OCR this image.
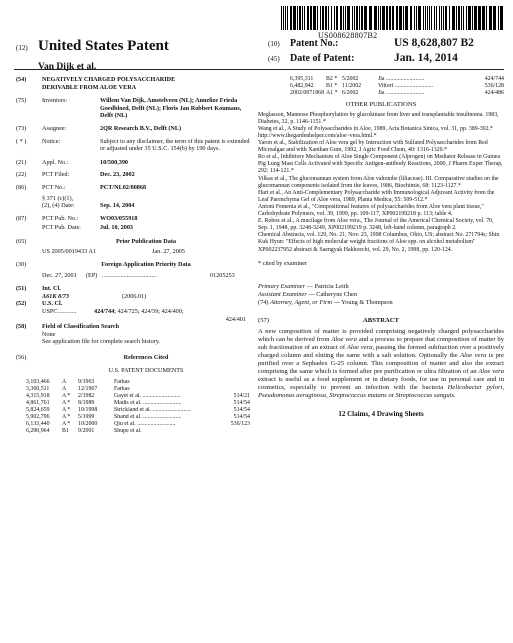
US008628807B2
(12) United States Patent
Van Dijk et al.
(10) Patent No.:	US 8,628,807 B2
(45) Date of Patent:	Jan. 14, 2014
(54)	NEGATIVELY CHARGED POLYSACCHARIDE DERIVABLE FROM ALOE VERA
(75)	Inventors:	Willem Van Dijk, Amstelveen (NL); Annelize Frieda Goedbloed, Delft (NL); Floris Jan Robbert Koumans, Delft (NL)
(73)	Assignee:	2QR Research B.V., Delft (NL)
( * )	Notice:	Subject to any disclaimer, the term of this patent is extended or adjusted under 35 U.S.C. 154(b) by 190 days.
(21)	Appl. No.:	10/500,390
(22)	PCT Filed:	Dec. 23, 2002
(86)	PCT No.:	PCT/NL02/00868
§ 371 (c)(1),
(2), (4) Date:	Sep. 14, 2004
(87)	PCT Pub. No.:	WO03/055918
PCT Pub. Date:	Jul. 10, 2003
(65)	Prior Publication Data
US 2005/0019433 A1	Jan. 27, 2005
(30)	Foreign Application Priority Data
Dec. 27, 2001	(EP) ...................................	01205253
(51)	Int. Cl.
A61K 8/73	(2006.01)
(52)	U.S. Cl.
USPC ............	424/744 ; 424/725; 424/59; 424/400;
424/401
(58)	Field of Classification Search
None
See application file for complete search history.
(56)	References Cited
U.S. PATENT DOCUMENTS
3,103,466	A	9/1963	Farkas
3,360,511	A	12/1967	Farkas
4,315,918	A *	2/1982	Gayet et al. ..........................	514/21
4,861,761	A *	8/1989	Madis et al. ..........................	514/54
5,824,659	A *	10/1998	Strickland et al. ..........................	514/54
5,902,796	A *	5/1999	Shand et al. ..........................	514/54
6,133,440	A *	10/2000	Qiu et al. ..........................	536/123
6,290,964	B1	9/2001	Shupe et al.
6,395,311	B2 * 5/2002	Jia ..........................	424/744
6,482,942	B1 * 11/2002	Vittori ..........................	536/128
2002/0071868 A1 * 6/2002	Jia ..........................	424/486
OTHER PUBLICATIONS

Meglasson, Mannose Phosphorylation by glucokinase from liver and transplantable insulinoma. 1983, Diabetes, 32, p. 1146-1151.*

Wang et al., A Study of Polysaccharides in Aloe, 1989, Acta Botanica Sinica, vol. 31, pp. 389-392.*

http://www.thegardenhelper.com/aloe~vera.html.*

Yaron et al., Stabilization of Aloe vera gel by Interaction with Sulfated Polysaccharides from Red Microalgae and with Xanthan Gum, 1992, J Agric Food Chem, 40: 1316-1320.*

Ro et al., Inhibitory Mechanism of Aloe Single Component (Alprogen) on Mediator Release in Guinea Pig Lung Mast Cells Activated with Specific Antigen-antibody Reactions, 2000, J Pharm Exper Therap, 292: 114-121.*

Vilkas et al., The glucomannan system from Aloe vahombe (liliaceae). III. Comparative studies on the glucomannan components isolated from the leaves, 1986, Biochimie, 68: 1123-1127.*

Hart et al., An Anti-Complementary Polysaccharide with Immunological Adjuvant Activity from the Leaf Parenchyma Gel of Aloe vera, 1989, Planta Medica, 55: 509-512.*

Antoni Femenia et al., "Compositional features of polysaccharides from Aloe vera plant tissue," Carbohydrate Polymers, vol. 39, 1999, pp. 109-117, XP002199218 p. 113; table 4.

E. Roboz et al., A mucilage from Aloe vera., The Journal of the Americal Chemical Society, vol. 70, Sep. 1, 1948, pp. 3248-3249, XP002199219 p. 3248, left-hand column, paragraph 2.

Chemical Abstracts, vol. 129, No. 21, Nov. 23, 1998 Columbus, Ohio, US; abstract No. 271794s; Shin Kuk Hyun: "Effects of high molecular weight fractions of Aloe spp. on alcohol metabolism" XP002237952 abstract & Saengyak Hakhoechi, vol. 29, No. 2, 1998, pp. 120-124.

* cited by examiner
Primary Examiner — Patricia Leith
Assistant Examiner — Catheryne Chen
(74) Attorney, Agent, or Firm — Young & Thompson
(57)	ABSTRACT
A new composition of matter is provided comprising negatively charged polysaccharides which can be derived from Aloe vera and a process to prepare that composition of matter by sub fractionation of an extract of Aloe vera, passing the formed subfraction over a positively charged column and eluting the same with a salt solution. Optionally the Aloe vera is pre purified over a Sephadex G-25 column. This composition of matter and also the extract comprising the same which is formed after pre purification or ultra filtration of an Aloe vera extract is useful as a food supplement or in dietary foods, for use in personal care and in cosmetics, especially to prevent an infection with the bacteria Helicobacter pylori, Pseudomonas aeruginosa, Streptococcus mutans or Streptococcus sanguis.
12 Claims, 4 Drawing Sheets
